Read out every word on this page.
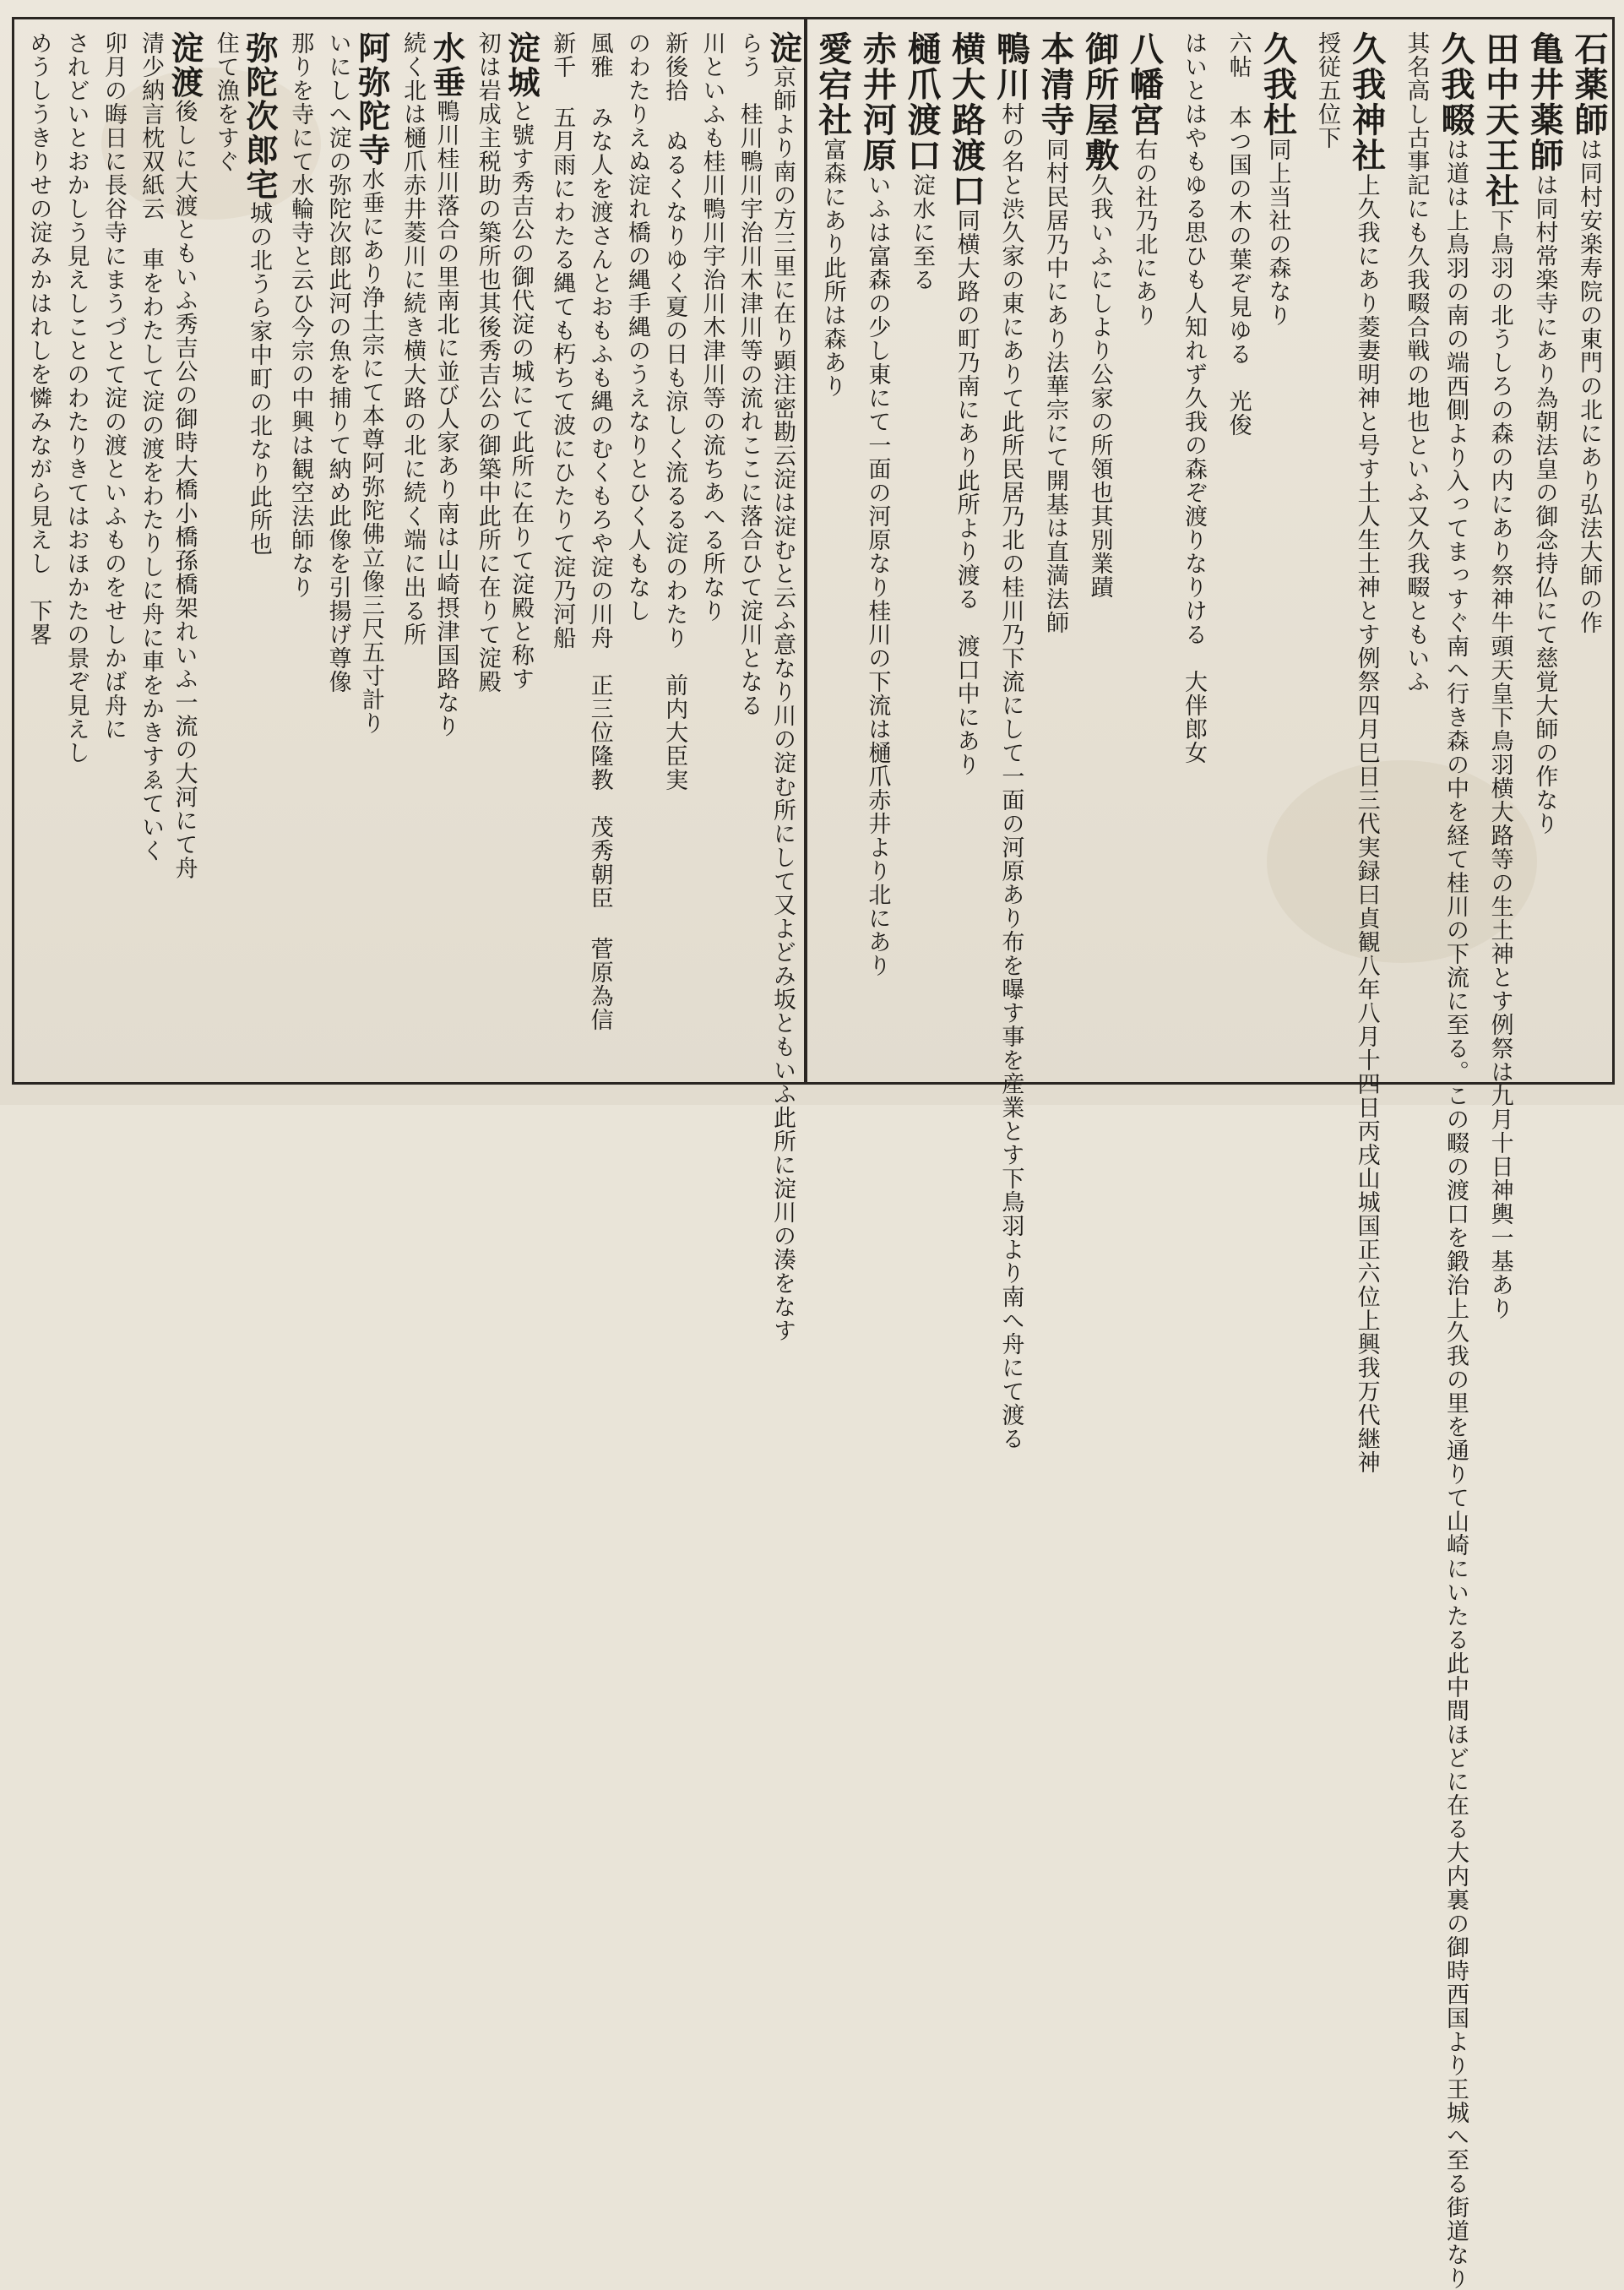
石薬師は同村安楽寿院の東門の北にあり弘法大師の作
亀井薬師は同村常楽寺にあり為朝法皇の御念持仏にて慈覚大師の作なり
田中天王社下鳥羽の北うしろの森の内にあり祭神牛頭天皇下鳥羽横大路等の生土神とす例祭は九月十日神輿一基あり
久我畷は道は上鳥羽の南の端西側より入ってまっすぐ南へ行き森の中を経て桂川の下流に至る。この畷の渡口を鍛治上久我の里を通りて山崎にいたる此中間ほどに在る大内裏の御時西国より王城へ至る街道なり
其名高し古事記にも久我畷合戦の地也といふ又久我畷ともいふ
久我神社上久我にあり菱妻明神と号す土人生土神とす例祭四月巳日三代実録曰貞観八年八月十四日丙戌山城国正六位上興我万代継神
授従五位下
久我杜同上当社の森なり
六帖 本つ国の木の葉ぞ見ゆる　光俊
はいとはやもゆる思ひも人知れず久我の森ぞ渡りなりける　大伴郎女
八幡宮右の社乃北にあり
御所屋敷久我いふにしより公家の所領也其別業蹟
本清寺同村民居乃中にあり法華宗にて開基は直満法師
鴨川村の名と渋久家の東にありて此所民居乃北の桂川乃下流にして一面の河原あり布を曝す事を産業とす下鳥羽より南へ舟にて渡る
横大路渡口同横大路の町乃南にあり此所より渡る　渡口中にあり
樋爪渡口淀水に至る
赤井河原いふは富森の少し東にて一面の河原なり桂川の下流は樋爪赤井より北にあり
愛宕社富森にあり此所は森あり
淀京師より南の方三里に在り顕注密勘云淀は淀むと云ふ意なり川の淀む所にして又よどみ坂ともいふ此所に淀川の湊をなす
らう　桂川鴨川宇治川木津川等の流れここに落合ひて淀川となる
川といふも桂川鴨川宇治川木津川等の流ちあへる所なり
新後拾 ぬるくなりゆく夏の日も涼しく流るる淀のわたり　前内大臣実
のわたりえぬ淀れ橋の縄手縄のうえなりとひく人もなし
風雅 みな人を渡さんとおもふも縄のむくもろや淀の川舟　正三位隆教　茂秀朝臣 菅原為信
新千 五月雨にわたる縄ても朽ちて波にひたりて淀乃河船
淀城と號す秀吉公の御代淀の城にて此所に在りて淀殿と称す
初は岩成主税助の築所也其後秀吉公の御築中此所に在りて淀殿
水垂鴨川桂川落合の里南北に並び人家あり南は山崎摂津国路なり
続く北は樋爪赤井菱川に続き横大路の北に続く端に出る所
阿弥陀寺水垂にあり浄土宗にて本尊阿弥陀佛立像三尺五寸計り
いにしへ淀の弥陀次郎此河の魚を捕りて納め此像を引揚げ尊像
那りを寺にて水輪寺と云ひ今宗の中興は観空法師なり
弥陀次郎宅城の北うら家中町の北なり此所也
住て漁をすぐ
淀渡後しに大渡ともいふ秀吉公の御時大橋小橋孫橋架れいふ一流の大河にて舟
清少納言枕双紙云 車をわたして淀の渡をわたりしに舟に車をかきすゑていく
卯月の晦日に長谷寺にまうづとて淀の渡といふものをせしかば舟に
されどいとおかしう見えしことのわたりきてはおほかたの景ぞ見えし
めうしうきりせの淀みかはれしを憐みながら見えし　下畧
